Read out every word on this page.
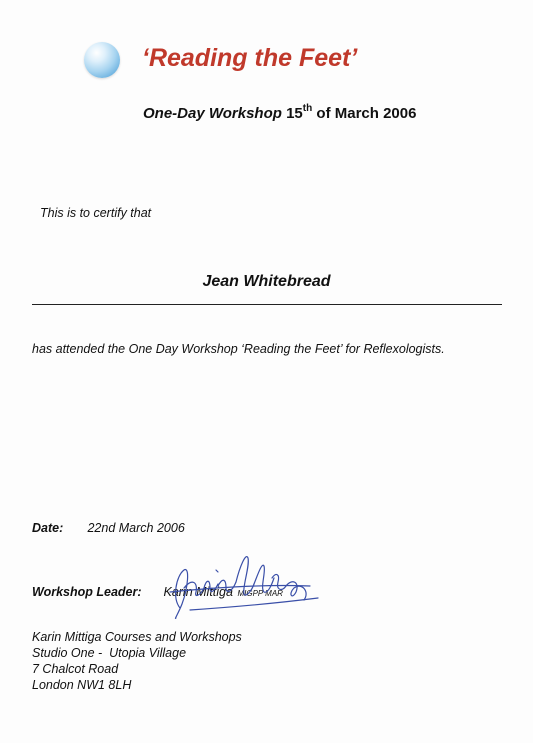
‘Reading the Feet’
One-Day Workshop 15th of March 2006
This is to certify that
Jean Whitebread
has attended the One Day Workshop ‘Reading the Feet’ for Reflexologists.
Date: 22nd March 2006
Workshop Leader: Karin Mittiga MIGPP MAR
Karin Mittiga Courses and Workshops
Studio One -  Utopia Village
7 Chalcot Road
London NW1 8LH
